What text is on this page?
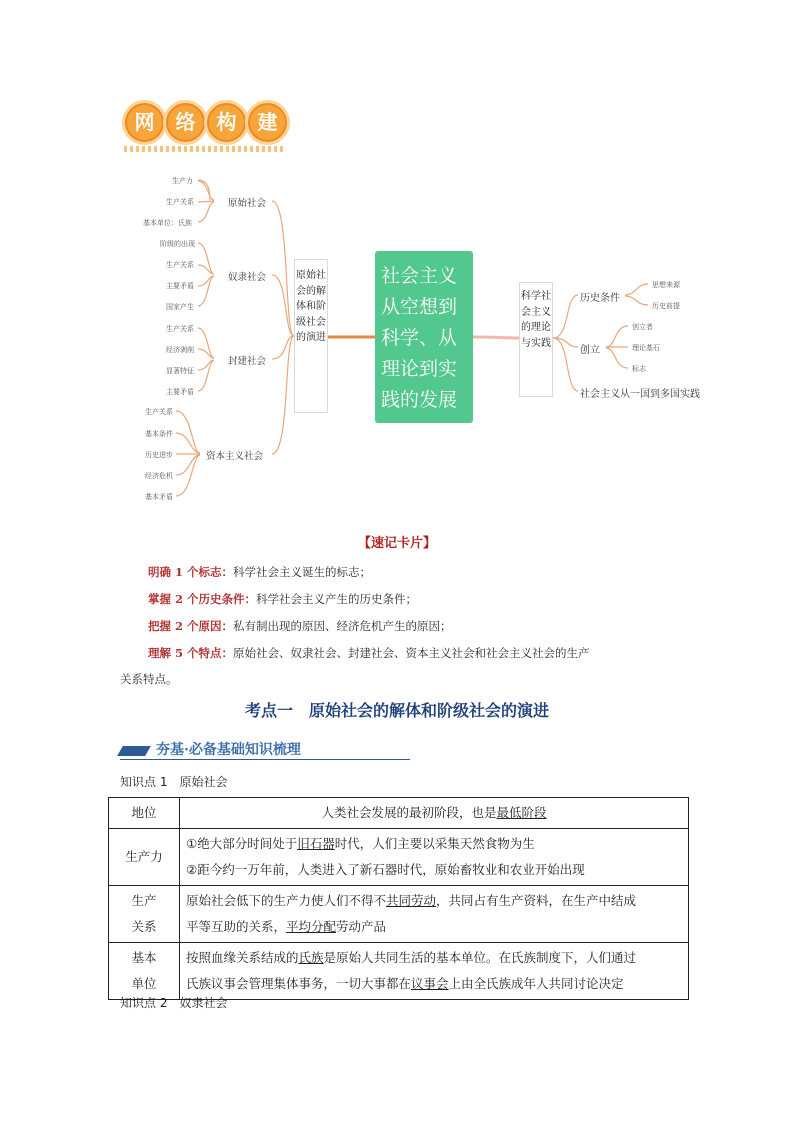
网	络	构	建
生产力
生产关系
基本单位：氏族
原始社会
阶级的出现
生产关系
主要矛盾
国家产生
奴隶社会
生产关系
经济剥削
显著特征
主要矛盾
封建社会
生产关系
基本条件
历史进步
经济危机
基本矛盾
资本主义社会
原始社会的解体和阶级社会的演进
社会主义从空想到科学、从理论到实践的发展
科学社会主义的理论与实践
历史条件
思想来源
历史前提
创立
创立者
理论基石
标志
社会主义从一国到多国实践
【速记卡片】
明确 1 个标志：科学社会主义诞生的标志；
掌握 2 个历史条件：科学社会主义产生的历史条件；
把握 2 个原因：私有制出现的原因、经济危机产生的原因；
理解 5 个特点：原始社会、奴隶社会、封建社会、资本主义社会和社会主义社会的生产
关系特点。
考点一　原始社会的解体和阶级社会的演进
夯基·必备基础知识梳理
知识点 1　原始社会
地位	人类社会发展的最初阶段，也是最低阶段
生产力	①绝大部分时间处于旧石器时代，人们主要以采集天然食物为生
②距今约一万年前，人类进入了新石器时代，原始畜牧业和农业开始出现

生产关系	原始社会低下的生产力使人们不得不共同劳动，共同占有生产资料，在生产中结成
平等互助的关系，平均分配劳动产品

基本单位	按照血缘关系结成的氏族是原始人共同生活的基本单位。在氏族制度下，人们通过
氏族议事会管理集体事务，一切大事都在议事会上由全氏族成年人共同讨论决定
知识点 2　奴隶社会
